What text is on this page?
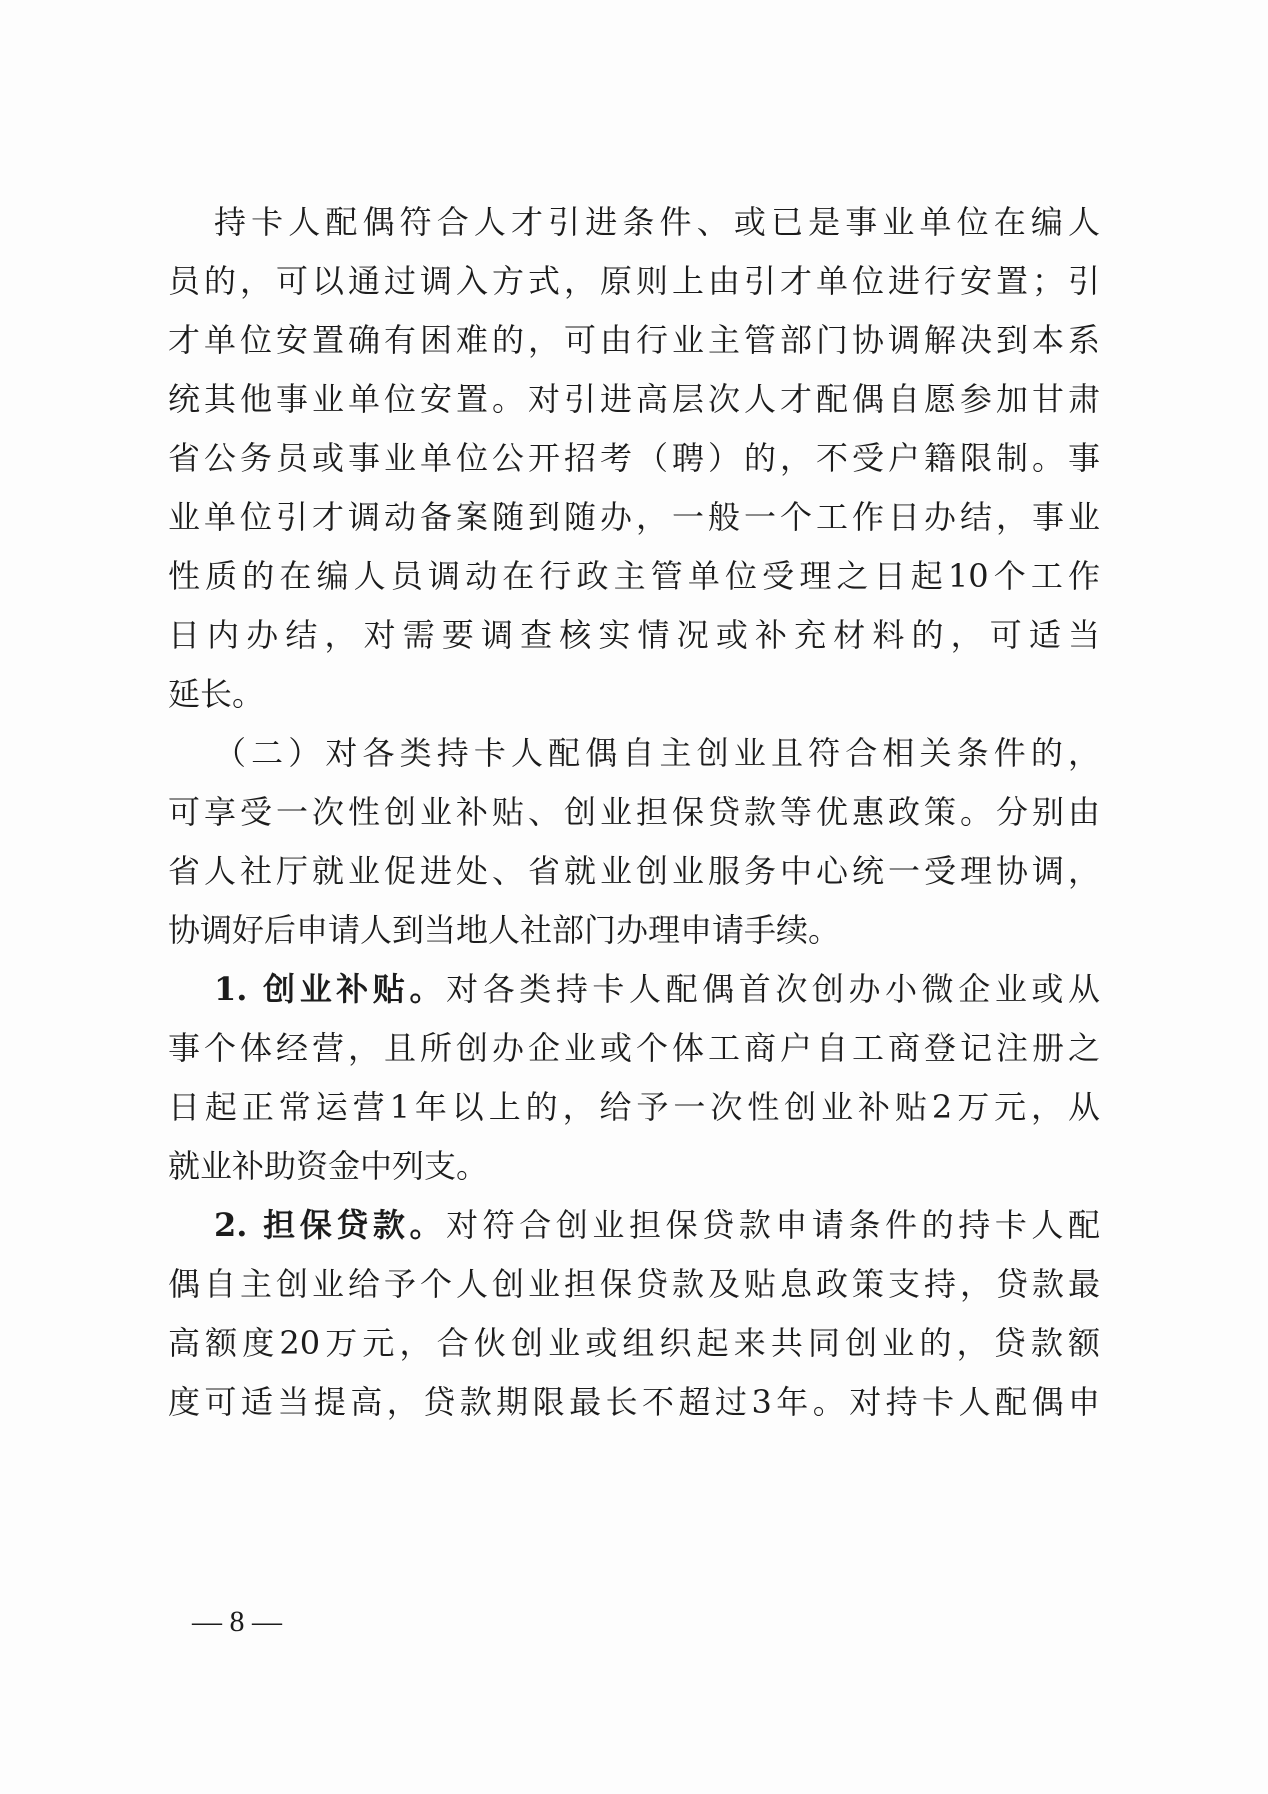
持卡人配偶符合人才引进条件、或已是事业单位在编人
员的，可以通过调入方式，原则上由引才单位进行安置；引
才单位安置确有困难的，可由行业主管部门协调解决到本系
统其他事业单位安置。对引进高层次人才配偶自愿参加甘肃
省公务员或事业单位公开招考（聘）的，不受户籍限制。事
业单位引才调动备案随到随办，一般一个工作日办结，事业
性质的在编人员调动在行政主管单位受理之日起10个工作
日内办结，对需要调查核实情况或补充材料的，可适当
延长。
（二）对各类持卡人配偶自主创业且符合相关条件的，
可享受一次性创业补贴、创业担保贷款等优惠政策。分别由
省人社厅就业促进处、省就业创业服务中心统一受理协调，
协调好后申请人到当地人社部门办理申请手续。
1. 创业补贴。对各类持卡人配偶首次创办小微企业或从
事个体经营，且所创办企业或个体工商户自工商登记注册之
日起正常运营1年以上的，给予一次性创业补贴2万元，从
就业补助资金中列支。
2. 担保贷款。对符合创业担保贷款申请条件的持卡人配
偶自主创业给予个人创业担保贷款及贴息政策支持，贷款最
高额度20万元，合伙创业或组织起来共同创业的，贷款额
度可适当提高，贷款期限最长不超过3年。对持卡人配偶申
— 8 —
